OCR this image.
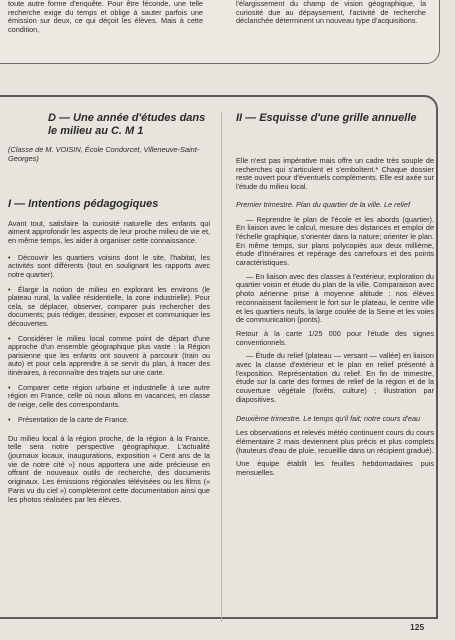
toute autre forme d'enquête. Pour être féconde, une telle recherche exige du temps et oblige à sauter parfois une émission sur deux, ce qui déçoit les élèves. Mais à cette condition,
l'élargissement du champ de vision géographique, la curiosité due au dépaysement, l'activité de recherche déclanchée déterminent un nouveau type d'acquisitions.
D — Une année d'études dans le milieu au C. M 1
(Classe de M. VOISIN, École Condorcet, Villeneuve-Saint-Georges)
I — Intentions pédagogiques
Avant tout, satisfaire la curiosité naturelle des enfants qui aiment approfondir les aspects de leur proche milieu de vie et, en même temps, les aider à organiser cette connaissance.
• Découvrir les quartiers voisins dont le site, l'habitat, les activités sont différents (tout en soulignant les rapports avec notre quartier).
• Élargir la notion de milieu en explorant les environs (le plateau rural, la vallée résidentielle, la zone industrielle). Pour cela, se déplacer, observer, comparer puis rechercher des documents; puis rédiger, dessiner, exposer et communiquer les découvertes.
• Considérer le milieu local comme point de départ d'une approche d'un ensemble géographique plus vaste : la Région parisienne que les enfants ont souvent à parcourir (train ou auto) et pour cela apprendre à se servir du plan, à tracer des itinéraires, à reconnaître des trajets sur une carte.
• Comparer cette région urbaine et industrielle à une autre région en France, celle où nous allons en vacances, en classe de neige, celle des correspondants.
• Présentation de la carte de France.
Du milieu local à la région proche, de la région à la France, telle sera notre perspective géographique. L'actualité (journaux locaux, inaugurations, exposition « Cent ans de la vie de notre cité ») nous apportera une aide précieuse en offrant de nouveaux outils de recherche, des documents originaux. Les émissions régionales télévisées ou les films (« Paris vu du ciel ») compléteront cette documentation ainsi que les photos réalisées par les élèves.
II — Esquisse d'une grille annuelle
Elle n'est pas impérative mais offre un cadre très souple de recherches qui s'articulent et s'emboîtent.* Chaque dossier reste ouvert pour d'éventuels compléments. Elle est axée sur l'étude du milieu local.
Premier trimestre. Plan du quartier de la ville. Le relief
— Reprendre le plan de l'école et les abords (quartier). En liaison avec le calcul, mesure des distances et emploi de l'échelle graphique, s'orienter dans la nature; orienter le plan. En même temps, sur plans polycopiés aux deux millième, étude d'itinéraires et repérage des carrefours et des points caractéristiques.
— En liaison avec des classes à l'extérieur, exploration du quartier voisin et étude du plan de la ville. Comparaison avec photo aérienne prise à moyenne altitude : nos élèves reconnaissent facilement le fort sur le plateau, le centre ville et les quartiers neufs, la large coulée de la Seine et les voies de communication (ponts).
Retour à la carte 1/25 000 pour l'étude des signes conventionnels.
— Étude du relief (plateau — versant — vallée) en liaison avec la classe d'extérieur et le plan en relief présenté à l'exposition. Représentation du relief. En fin de trimestre, étude sur la carte des formes de relief de la région et de la couverture végétale (forêts, culture) ; illustration par diapositives.
Deuxième trimestre. Le temps qu'il fait; notre cours d'eau
Les observations et relevés météo continuent cours du cours élémentaire 2 mais deviennent plus précis et plus complets (hauteurs d'eau de pluie, recueillie dans un récipient gradué).
Une équipe établit les feuilles hebdomadaires puis mensuelles.
125
